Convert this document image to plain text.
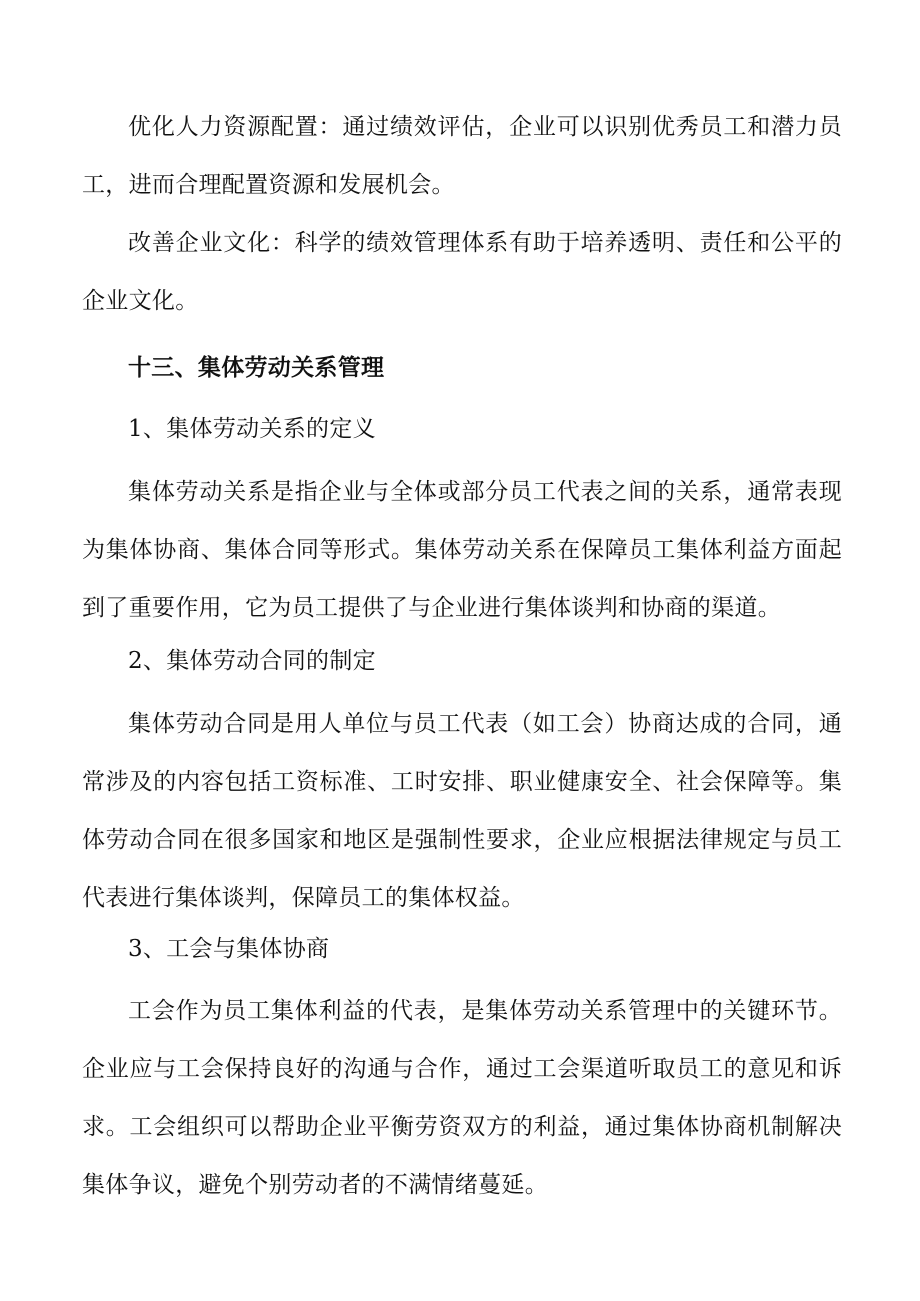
优化人力资源配置：通过绩效评估，企业可以识别优秀员工和潜力员工，进而合理配置资源和发展机会。

改善企业文化：科学的绩效管理体系有助于培养透明、责任和公平的企业文化。

十三、集体劳动关系管理

1、集体劳动关系的定义

集体劳动关系是指企业与全体或部分员工代表之间的关系，通常表现为集体协商、集体合同等形式。集体劳动关系在保障员工集体利益方面起到了重要作用，它为员工提供了与企业进行集体谈判和协商的渠道。

2、集体劳动合同的制定

集体劳动合同是用人单位与员工代表（如工会）协商达成的合同，通常涉及的内容包括工资标准、工时安排、职业健康安全、社会保障等。集体劳动合同在很多国家和地区是强制性要求，企业应根据法律规定与员工代表进行集体谈判，保障员工的集体权益。

3、工会与集体协商

工会作为员工集体利益的代表，是集体劳动关系管理中的关键环节。企业应与工会保持良好的沟通与合作，通过工会渠道听取员工的意见和诉求。工会组织可以帮助企业平衡劳资双方的利益，通过集体协商机制解决集体争议，避免个别劳动者的不满情绪蔓延。
